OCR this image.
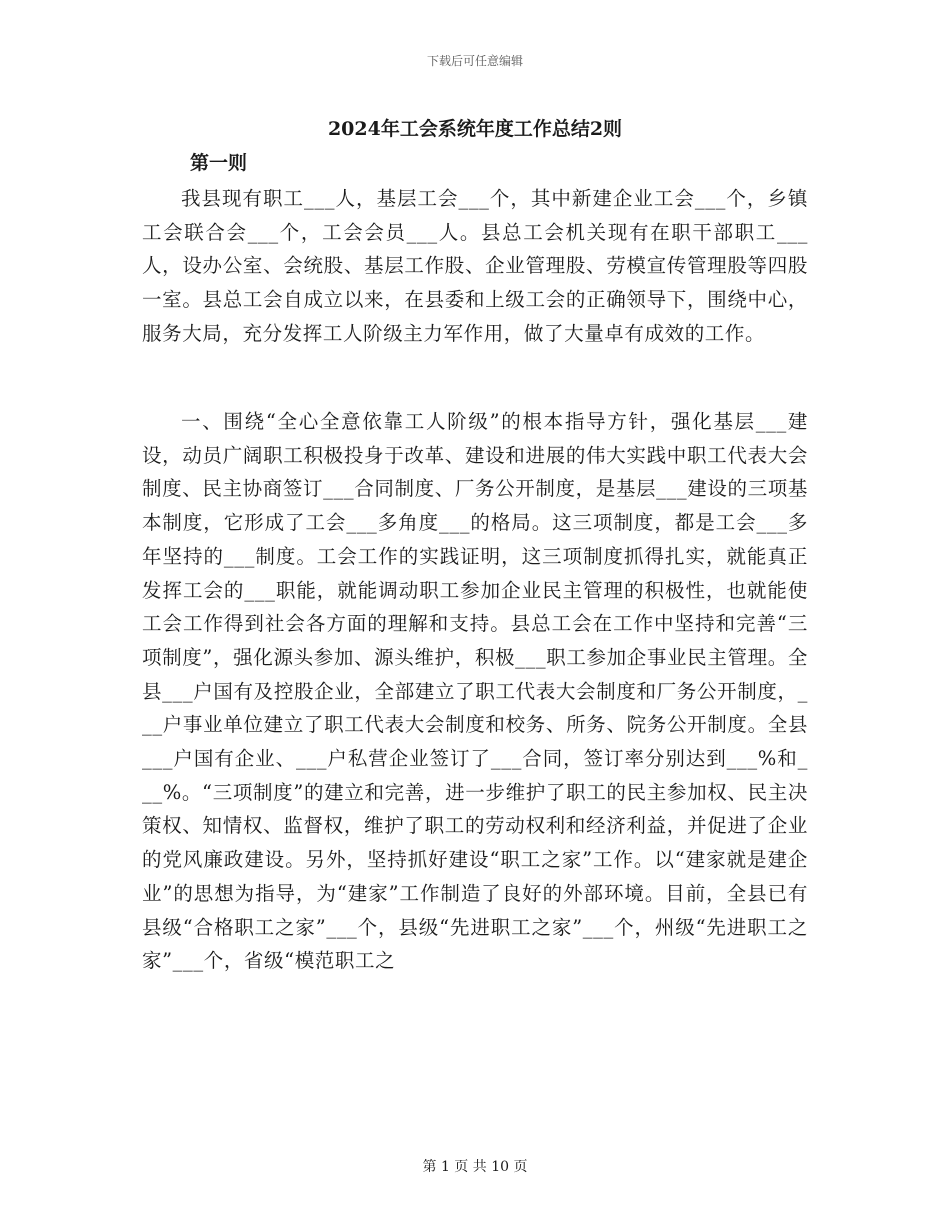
下载后可任意编辑
2024年工会系统年度工作总结2则
第一则

我县现有职工___人，基层工会___个，其中新建企业工会___个，乡镇工会联合会___个，工会会员___人。县总工会机关现有在职干部职工___人，设办公室、会统股、基层工作股、企业管理股、劳模宣传管理股等四股一室。县总工会自成立以来，在县委和上级工会的正确领导下，围绕中心，服务大局，充分发挥工人阶级主力军作用，做了大量卓有成效的工作。

一、围绕“全心全意依靠工人阶级”的根本指导方针，强化基层___建设，动员广阔职工积极投身于改革、建设和进展的伟大实践中职工代表大会制度、民主协商签订___合同制度、厂务公开制度，是基层___建设的三项基本制度，它形成了工会___多角度___的格局。这三项制度，都是工会___多年坚持的___制度。工会工作的实践证明，这三项制度抓得扎实，就能真正发挥工会的___职能，就能调动职工参加企业民主管理的积极性，也就能使工会工作得到社会各方面的理解和支持。县总工会在工作中坚持和完善“三项制度”，强化源头参加、源头维护，积极___职工参加企事业民主管理。全县___户国有及控股企业，全部建立了职工代表大会制度和厂务公开制度，___户事业单位建立了职工代表大会制度和校务、所务、院务公开制度。全县___户国有企业、___户私营企业签订了___合同，签订率分别达到___%和___%。“三项制度”的建立和完善，进一步维护了职工的民主参加权、民主决策权、知情权、监督权，维护了职工的劳动权利和经济利益，并促进了企业的党风廉政建设。另外，坚持抓好建设“职工之家”工作。以“建家就是建企业”的思想为指导，为“建家”工作制造了良好的外部环境。目前，全县已有县级“合格职工之家”___个，县级“先进职工之家”___个，州级“先进职工之家”___个，省级“模范职工之

第 1 页 共 10 页
